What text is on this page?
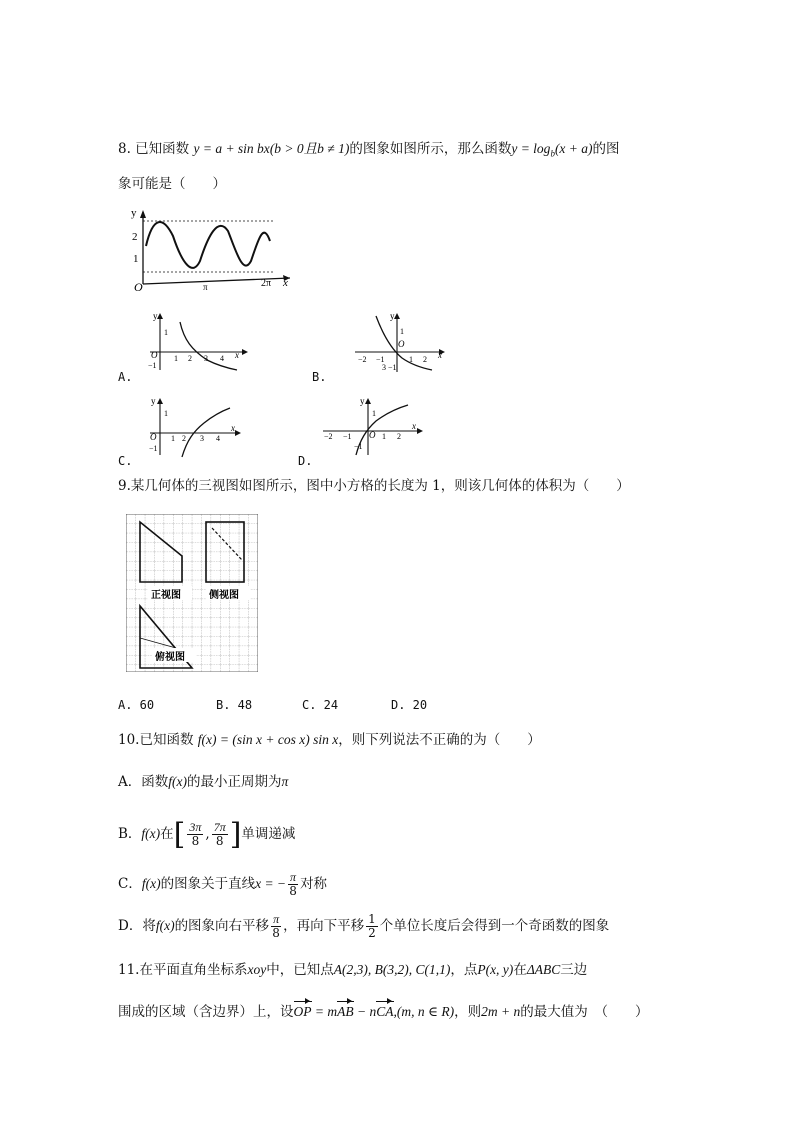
8. 已知函数 y = a + sin bx(b > 0且b ≠ 1)的图象如图所示，那么函数$y = \log_b(x + a)$的图
象可能是（　　）
y
2
1
O	π	2π x
y
1
O
−1
1 2 3 4 x
A.
y
1
O
−2 −1	1 2
3 −1
x
B.
y
1
O
−1
1 2 3 4
x
C.
y
1
O
−2 −1	1 2
−1
x
D.
9.某几何体的三视图如图所示，图中小方格的长度为 1，则该几何体的体积为（　　）
正视图	侧视图
俯视图
A. 60	B. 48	C. 24	D. 20
10.已知函数 f(x) = (sin x + cos x) sin x，则下列说法不正确的为（　　）
A．函数f(x)的最小正周期为π
B．f(x)在[ $\frac{3\pi}{8}$ , $\frac{7\pi}{8}$ ]单调递减
C．f(x)的图象关于直线x = − $\frac{\pi}{8}$ 对称
D．将f(x)的图象向右平移 $\frac{\pi}{8}$ ，再向下平移 $\frac{1}{2}$ 个单位长度后会得到一个奇函数的图象
11.在平面直角坐标系xoy中，已知点A(2,3), B(3,2), C(1,1)，点P(x, y)在ΔABC三边
围成的区域（含边界）上，设OP = mAB − nCA,(m, n ∈ R)，则2m + n的最大值为　（　　）
